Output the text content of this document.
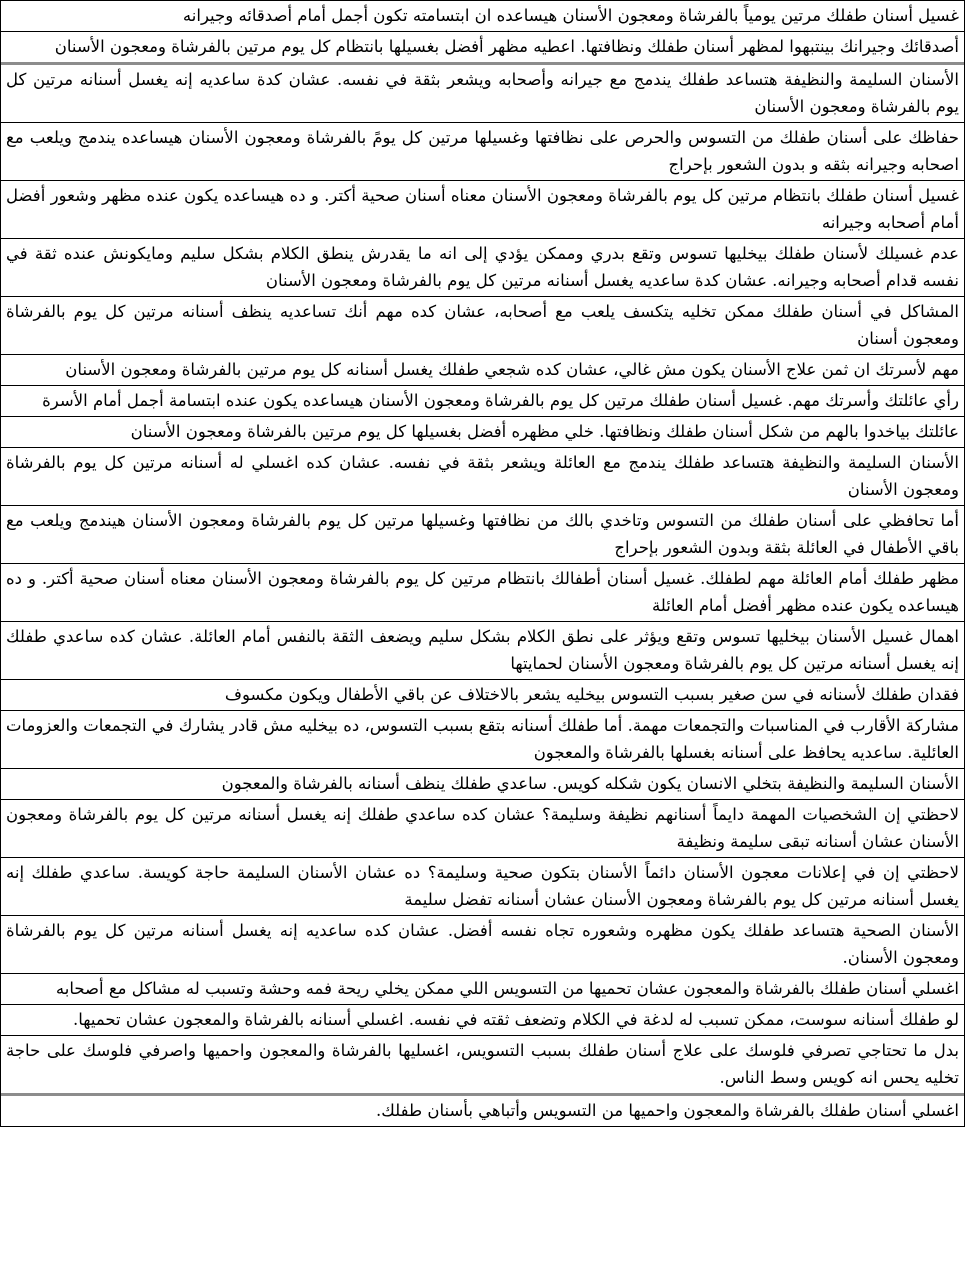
غسيل أسنان طفلك مرتين يومياً بالفرشاة ومعجون الأسنان هيساعده ان ابتسامته تكون أجمل أمام أصدقائه وجيرانه
أصدقائك وجيرانك بينتبهوا لمظهر أسنان طفلك ونظافتها. اعطيه مظهر أفضل بغسيلها بانتظام كل يوم مرتين بالفرشاة ومعجون الأسنان
الأسنان السليمة والنظيفة هتساعد طفلك يندمج مع جيرانه وأصحابه ويشعر بثقة في نفسه. عشان كدة ساعديه إنه يغسل أسنانه مرتين كل يوم بالفرشاة ومعجون الأسنان
حفاظك على أسنان طفلك من التسوس والحرص على نظافتها وغسيلها مرتين كل يومً بالفرشاة ومعجون الأسنان هيساعده يندمج ويلعب مع اصحابه وجيرانه بثقه و بدون الشعور بإحراج
غسيل أسنان طفلك بانتظام مرتين كل يوم بالفرشاة ومعجون الأسنان معناه أسنان صحية أكتر. و ده هيساعده يكون عنده مظهر وشعور أفضل أمام أصحابه وجيرانه
عدم غسيلك لأسنان طفلك بيخليها تسوس وتقع بدري وممكن يؤدي إلى انه ما يقدرش ينطق الكلام بشكل سليم ومايكونش عنده ثقة في نفسه قدام أصحابه وجيرانه. عشان كدة ساعديه يغسل أسنانه مرتين كل يوم بالفرشاة ومعجون الأسنان
المشاكل في أسنان طفلك ممكن تخليه يتكسف يلعب مع أصحابه، عشان كده مهم أنك تساعديه ينظف أسنانه مرتين كل يوم بالفرشاة ومعجون أسنان
مهم لأسرتك ان ثمن علاج الأسنان يكون مش غالي، عشان كده شجعي طفلك يغسل أسنانه كل يوم مرتين بالفرشاة ومعجون الأسنان
رأي عائلتك وأسرتك مهم. غسيل أسنان طفلك مرتين كل يوم بالفرشاة ومعجون الأسنان هيساعده يكون عنده ابتسامة أجمل أمام الأسرة
عائلتك بياخدوا بالهم من شكل أسنان طفلك ونظافتها. خلي مظهره أفضل بغسيلها كل يوم مرتين بالفرشاة ومعجون الأسنان
الأسنان السليمة والنظيفة هتساعد طفلك يندمج مع العائلة ويشعر بثقة في نفسه. عشان كده اغسلي له أسنانه مرتين كل يوم بالفرشاة ومعجون الأسنان
أما تحافظي على أسنان طفلك من التسوس وتاخدي بالك من نظافتها وغسيلها مرتين كل يوم بالفرشاة ومعجون الأسنان هيندمج ويلعب مع باقي الأطفال في العائلة بثقة وبدون الشعور بإحراج
مظهر طفلك أمام العائلة مهم لطفلك. غسيل أسنان أطفالك بانتظام مرتين كل يوم بالفرشاة ومعجون الأسنان معناه أسنان صحية أكتر. و ده هيساعده يكون عنده مظهر أفضل أمام العائلة
اهمال غسيل الأسنان بيخليها تسوس وتقع ويؤثر على نطق الكلام بشكل سليم ويضعف الثقة بالنفس أمام العائلة. عشان كده ساعدي طفلك إنه يغسل أسنانه مرتين كل يوم بالفرشاة ومعجون الأسنان لحمايتها
فقدان طفلك لأسنانه في سن صغير بسبب التسوس بيخليه يشعر بالاختلاف عن باقي الأطفال ويكون مكسوف
مشاركة الأقارب في المناسبات والتجمعات مهمة. أما طفلك أسنانه بتقع بسبب التسوس، ده بيخليه مش قادر يشارك في التجمعات والعزومات العائلية. ساعديه يحافظ على أسنانه بغسلها بالفرشاة والمعجون
الأسنان السليمة والنظيفة بتخلي الانسان يكون شكله كويس. ساعدي طفلك ينظف أسنانه بالفرشاة والمعجون
لاحظتي إن الشخصيات المهمة دايماً أسنانهم نظيفة وسليمة؟ عشان كده ساعدي طفلك إنه يغسل أسنانه مرتين كل يوم بالفرشاة ومعجون الأسنان عشان أسنانه تبقى سليمة ونظيفة
لاحظتي إن في إعلانات معجون الأسنان دائماً الأسنان بتكون صحية وسليمة؟ ده عشان الأسنان السليمة حاجة كويسة. ساعدي طفلك إنه يغسل أسنانه مرتين كل يوم بالفرشاة ومعجون الأسنان عشان أسنانه تفضل سليمة
الأسنان الصحية هتساعد طفلك يكون مظهره وشعوره تجاه نفسه أفضل. عشان كده ساعديه إنه يغسل أسنانه مرتين كل يوم بالفرشاة ومعجون الأسنان.
اغسلي أسنان طفلك بالفرشاة والمعجون عشان تحميها من التسويس اللي ممكن يخلي ريحة فمه وحشة وتسبب له مشاكل مع أصحابه
لو طفلك أسنانه سوست، ممكن تسبب له لدغة في الكلام وتضعف ثقته في نفسه. اغسلي أسنانه بالفرشاة والمعجون عشان تحميها.
بدل ما تحتاجي تصرفي فلوسك على علاج أسنان طفلك بسبب التسويس، اغسليها بالفرشاة والمعجون واحميها واصرفي فلوسك على حاجة تخليه يحس انه كويس وسط الناس.
اغسلي أسنان طفلك بالفرشاة والمعجون واحميها من التسويس وأتباهي بأسنان طفلك.
